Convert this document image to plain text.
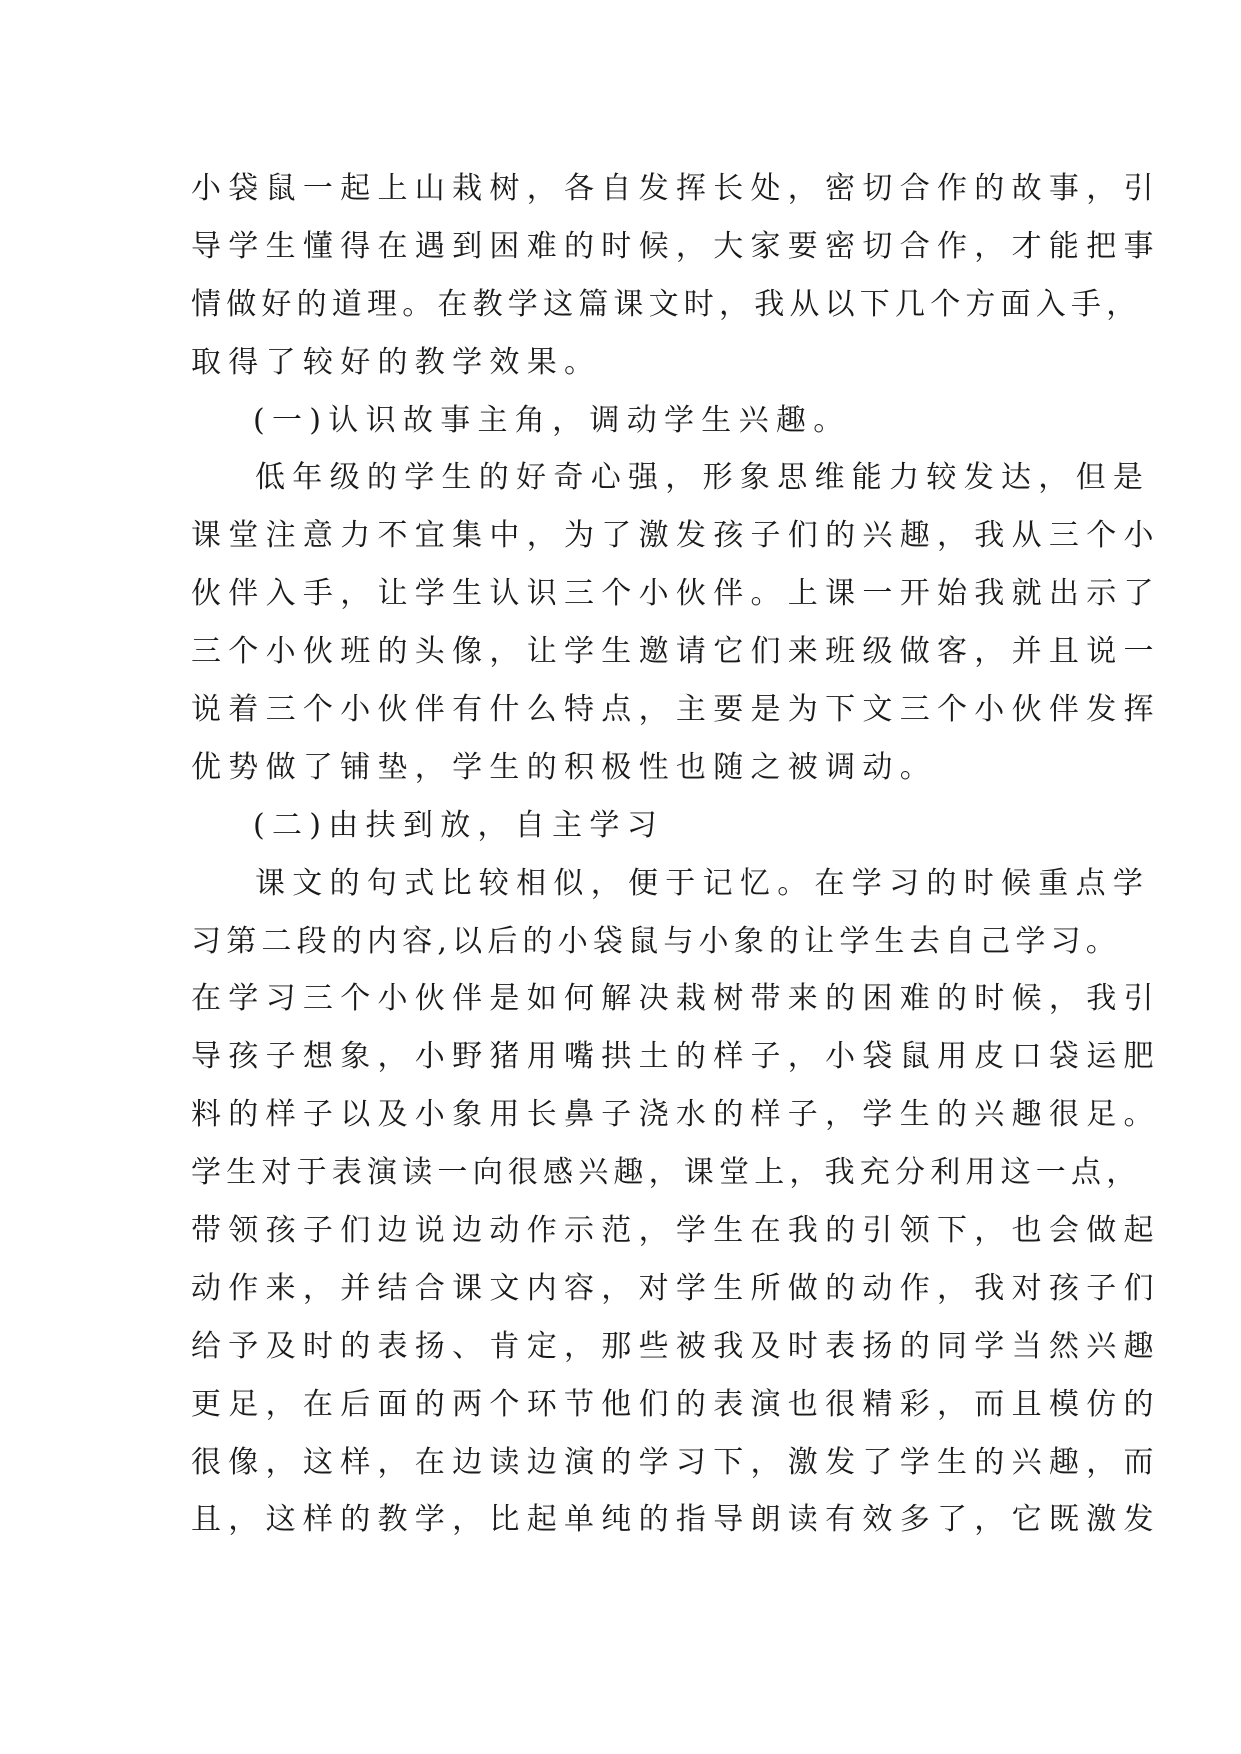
小袋鼠一起上山栽树，各自发挥长处，密切合作的故事，引
导学生懂得在遇到困难的时候，大家要密切合作，才能把事
情做好的道理。在教学这篇课文时，我从以下几个方面入手，
取得了较好的教学效果。
(一)认识故事主角，调动学生兴趣。
低年级的学生的好奇心强，形象思维能力较发达，但是
课堂注意力不宜集中，为了激发孩子们的兴趣，我从三个小
伙伴入手，让学生认识三个小伙伴。上课一开始我就出示了
三个小伙班的头像，让学生邀请它们来班级做客，并且说一
说着三个小伙伴有什么特点，主要是为下文三个小伙伴发挥
优势做了铺垫，学生的积极性也随之被调动。
(二)由扶到放，自主学习
课文的句式比较相似，便于记忆。在学习的时候重点学
习第二段的内容,以后的小袋鼠与小象的让学生去自己学习。
在学习三个小伙伴是如何解决栽树带来的困难的时候，我引
导孩子想象，小野猪用嘴拱土的样子，小袋鼠用皮口袋运肥
料的样子以及小象用长鼻子浇水的样子，学生的兴趣很足。
学生对于表演读一向很感兴趣，课堂上，我充分利用这一点，
带领孩子们边说边动作示范，学生在我的引领下，也会做起
动作来，并结合课文内容，对学生所做的动作，我对孩子们
给予及时的表扬、肯定，那些被我及时表扬的同学当然兴趣
更足，在后面的两个环节他们的表演也很精彩，而且模仿的
很像，这样，在边读边演的学习下，激发了学生的兴趣，而
且，这样的教学，比起单纯的指导朗读有效多了，它既激发
